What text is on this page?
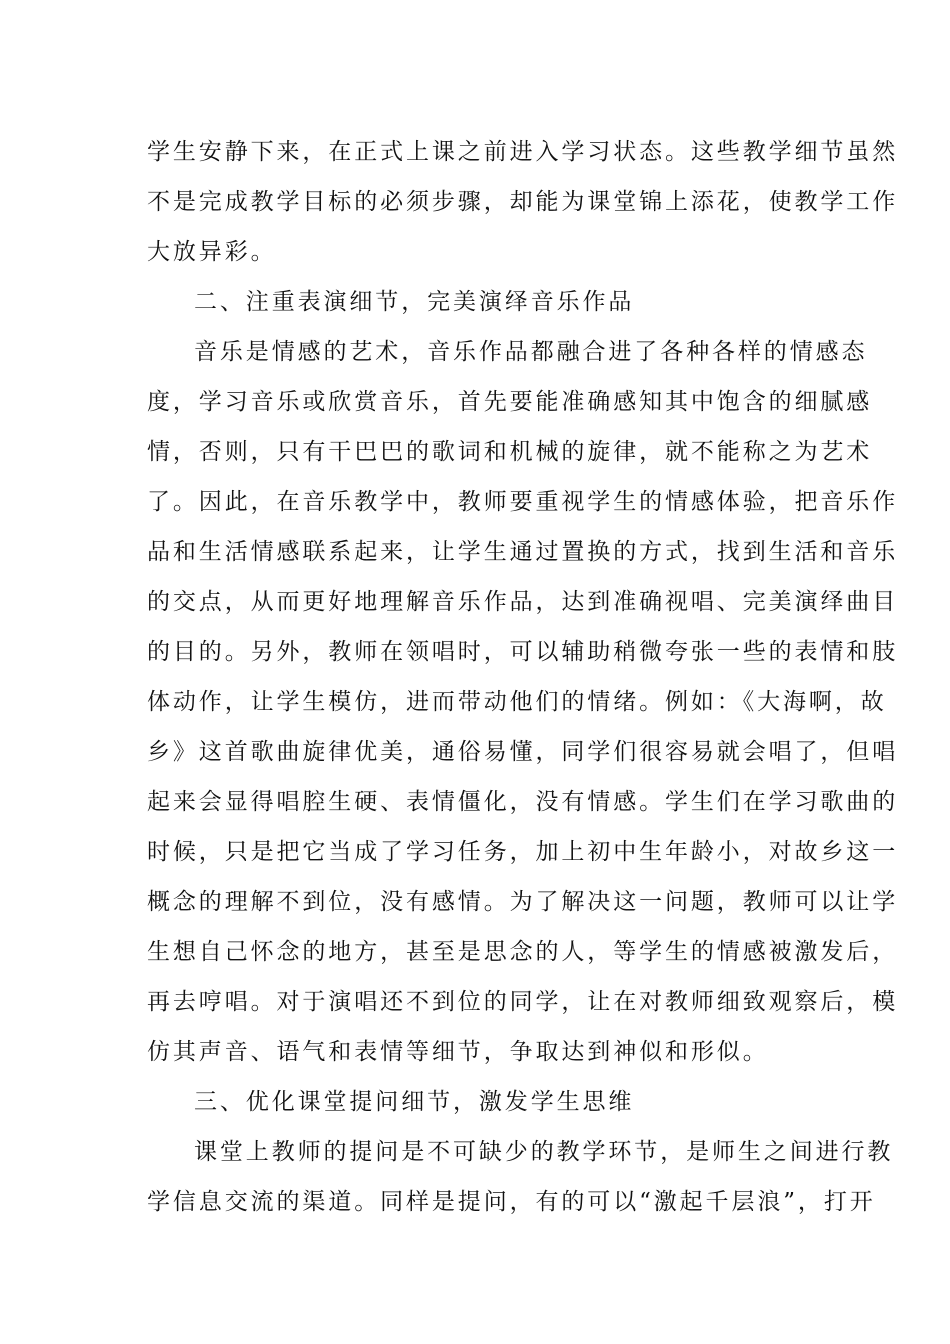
学生安静下来，在正式上课之前进入学习状态。这些教学细节虽然
不是完成教学目标的必须步骤，却能为课堂锦上添花，使教学工作
大放异彩。
二、注重表演细节，完美演绎音乐作品
音乐是情感的艺术，音乐作品都融合进了各种各样的情感态
度，学习音乐或欣赏音乐，首先要能准确感知其中饱含的细腻感
情，否则，只有干巴巴的歌词和机械的旋律，就不能称之为艺术
了。因此，在音乐教学中，教师要重视学生的情感体验，把音乐作
品和生活情感联系起来，让学生通过置换的方式，找到生活和音乐
的交点，从而更好地理解音乐作品，达到准确视唱、完美演绎曲目
的目的。另外，教师在领唱时，可以辅助稍微夸张一些的表情和肢
体动作，让学生模仿，进而带动他们的情绪。例如：《大海啊，故
乡》这首歌曲旋律优美，通俗易懂，同学们很容易就会唱了，但唱
起来会显得唱腔生硬、表情僵化，没有情感。学生们在学习歌曲的
时候，只是把它当成了学习任务，加上初中生年龄小，对故乡这一
概念的理解不到位，没有感情。为了解决这一问题，教师可以让学
生想自己怀念的地方，甚至是思念的人，等学生的情感被激发后，
再去哼唱。对于演唱还不到位的同学，让在对教师细致观察后，模
仿其声音、语气和表情等细节，争取达到神似和形似。
三、优化课堂提问细节，激发学生思维
课堂上教师的提问是不可缺少的教学环节，是师生之间进行教
学信息交流的渠道。同样是提问，有的可以“激起千层浪”，打开
